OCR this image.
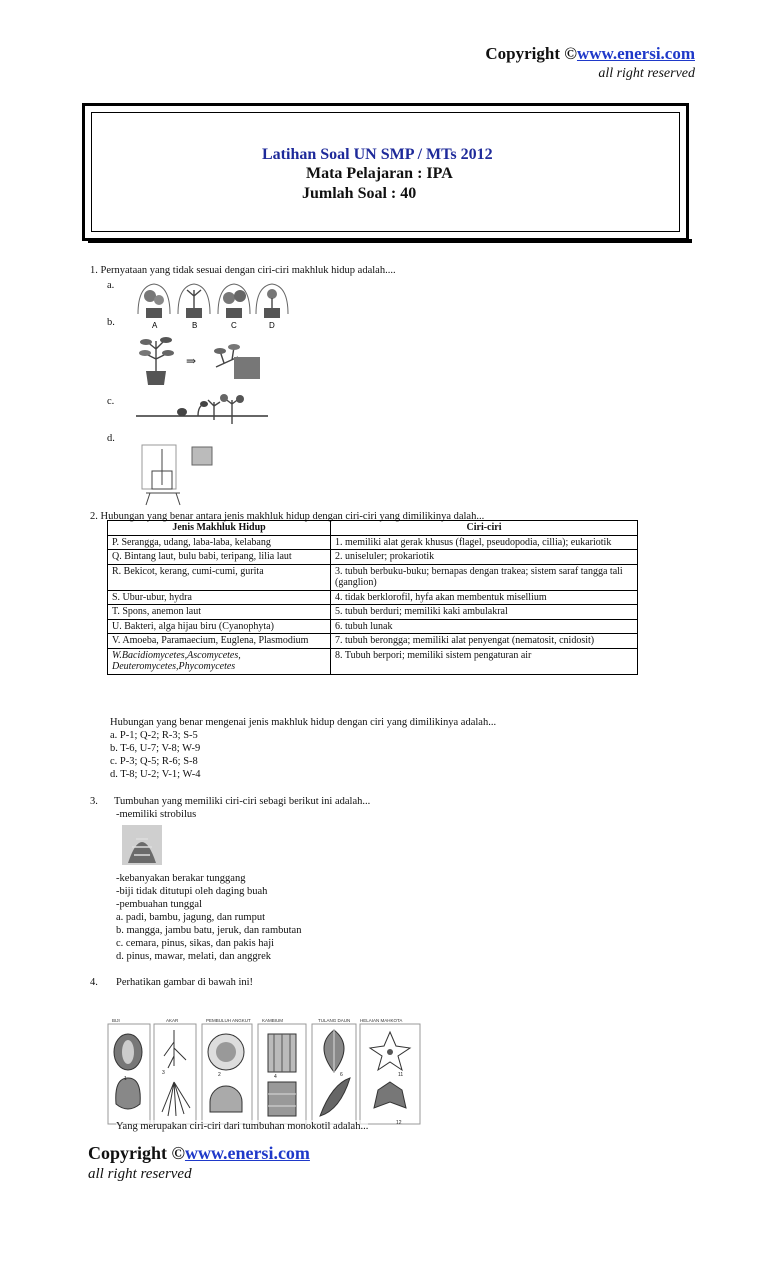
Copyright ©www.enersi.com
all right reserved
Latihan Soal UN SMP / MTs 2012
Mata Pelajaran : IPA
Jumlah Soal : 40
1. Pernyataan yang tidak sesuai dengan ciri-ciri makhluk hidup adalah....
a.
b.
c.
d.
A	B	C	D
⇒
2. Hubungan yang benar antara jenis makhluk hidup dengan ciri-ciri yang dimilikinya dalah...
Jenis Makhluk Hidup	Ciri-ciri
P. Serangga, udang, laba-laba, kelabang	1. memiliki alat gerak khusus (flagel, pseudopodia, cillia); eukariotik
Q. Bintang laut, bulu babi, teripang, lilia laut	2. uniseluler; prokariotik
R. Bekicot, kerang, cumi-cumi, gurita	3. tubuh berbuku-buku; bernapas dengan trakea; sistem saraf tangga tali (ganglion)
S. Ubur-ubur, hydra	4. tidak berklorofil, hyfa akan membentuk misellium
T. Spons, anemon laut	5. tubuh berduri; memiliki kaki ambulakral
U. Bakteri, alga hijau biru (Cyanophyta)	6. tubuh lunak
V. Amoeba, Paramaecium, Euglena, Plasmodium	7. tubuh berongga; memiliki alat penyengat (nematosit, cnidosit)
W.Bacidiomycetes,Ascomycetes, Deuteromycetes,Phycomycetes	8. Tubuh berpori; memiliki sistem pengaturan air
Hubungan yang benar mengenai jenis makhluk hidup dengan ciri yang dimilikinya adalah...
a. P-1; Q-2; R-3; S-5
b. T-6, U-7; V-8; W-9
c. P-3; Q-5; R-6; S-8
d. T-8; U-2; V-1; W-4
3. Tumbuhan yang memiliki ciri-ciri sebagi berikut ini adalah...
-memiliki strobilus
-kebanyakan berakar tunggang
-biji tidak ditutupi oleh daging buah
-pembuahan tunggal
a. padi, bambu, jagung, dan rumput
b. mangga, jambu batu, jeruk, dan rambutan
c. cemara, pinus, sikas, dan pakis haji
d. pinus, mawar, melati, dan anggrek
4. Perhatikan gambar di bawah ini!
BIJI	AKAR	PEMBULUH ANGKUT KAMBIUM	TULANG DAUN HELAIAN MAHKOTA
1
3	2	4	6	11
12
Yang merupakan ciri-ciri dari tumbuhan monokotil adalah...
Copyright ©www.enersi.com
all right reserved
